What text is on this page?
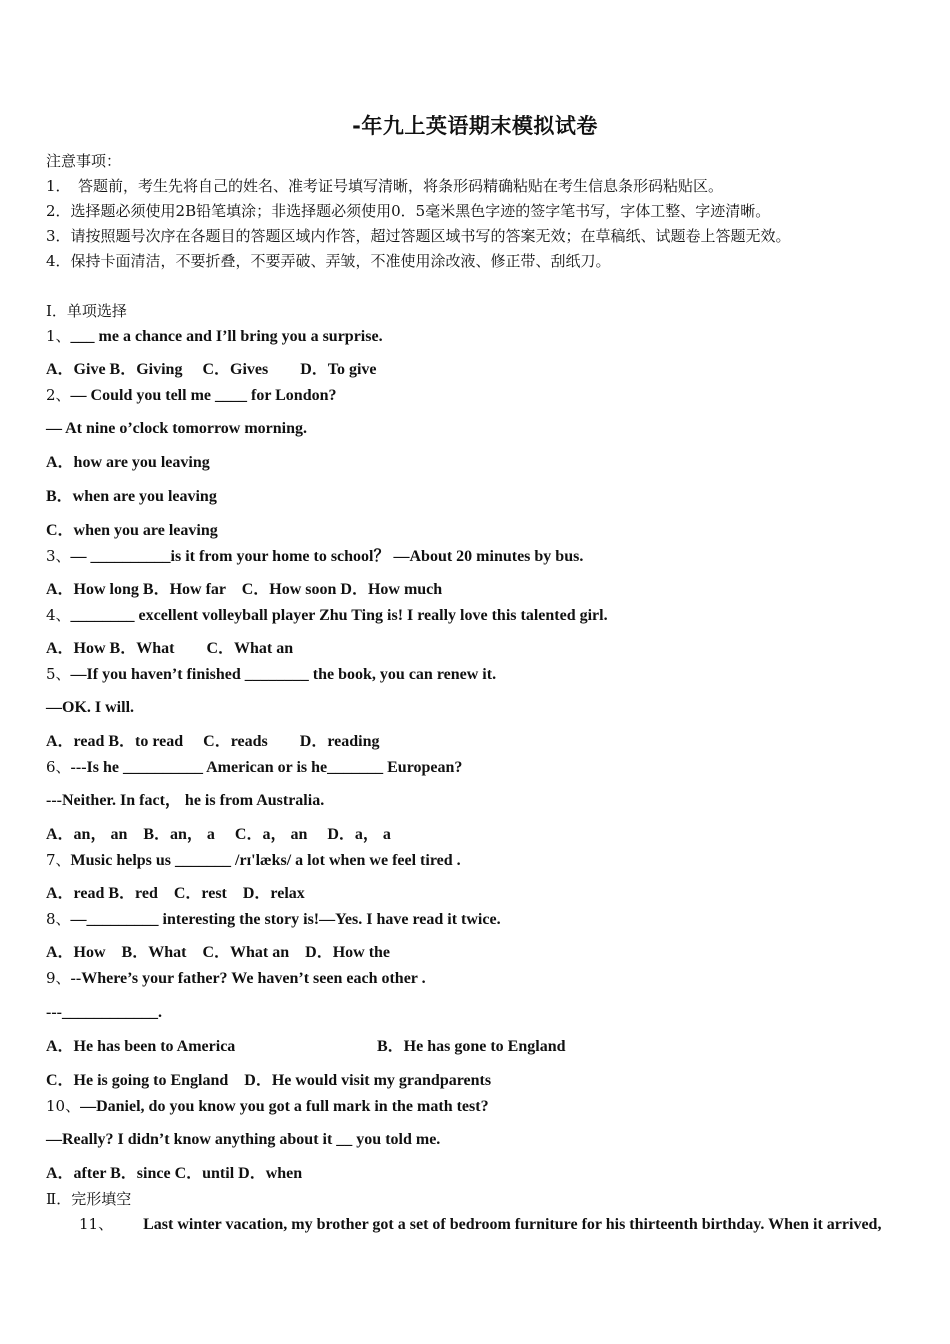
-年九上英语期末模拟试卷
注意事项：
1．　答题前，考生先将自己的姓名、准考证号填写清晰，将条形码精确粘贴在考生信息条形码粘贴区。
2．选择题必须使用2B铅笔填涂；非选择题必须使用0．5毫米黑色字迹的签字笔书写，字体工整、字迹清晰。
3．请按照题号次序在各题目的答题区域内作答，超过答题区域书写的答案无效；在草稿纸、试题卷上答题无效。
4．保持卡面清洁，不要折叠，不要弄破、弄皱，不准使用涂改液、修正带、刮纸刀。
Ⅰ．单项选择
1、___ me a chance and I’ll bring you a surprise.
A．Give B．Giving　 C．Gives　　D．To give
2、— Could you tell me ____ for London?
— At nine o’clock tomorrow morning.
A．how are you leaving
B．when are you leaving
C．when you are leaving
3、— __________is it from your home to school？ —About 20 minutes by bus.
A．How long B．How far　C．How soon D．How much
4、________ excellent volleyball player Zhu Ting is! I really love this talented girl.
A．How B．What　　C．What an
5、—If you haven’t finished ________ the book, you can renew it.
—OK. I will.
A．read B．to read　 C．reads　　D．reading
6、---Is he __________ American or is he_______ European?
---Neither. In fact， he is from Australia.
A．an， an　B．an， a　 C．a， an　 D．a， a
7、Music helps us _______ /rɪ'læks/ a lot when we feel tired .
A．read B．red　C．rest　D．relax
8、—_________ interesting the story is!—Yes. I have read it twice.
A．How　B．What　C．What an　D．How the
9、--Where’s your father? We haven’t seen each other .
---____________.
A．He has been to America	B．He has gone to England
C．He is going to England　D．He would visit my grandparents
10、—Daniel, do you know you got a full mark in the math test?
—Really? I didn’t know anything about it __ you told me.
A．after B．since C．until D．when
Ⅱ．完形填空
11、 Last winter vacation, my brother got a set of bedroom furniture for his thirteenth birthday. When it arrived,
